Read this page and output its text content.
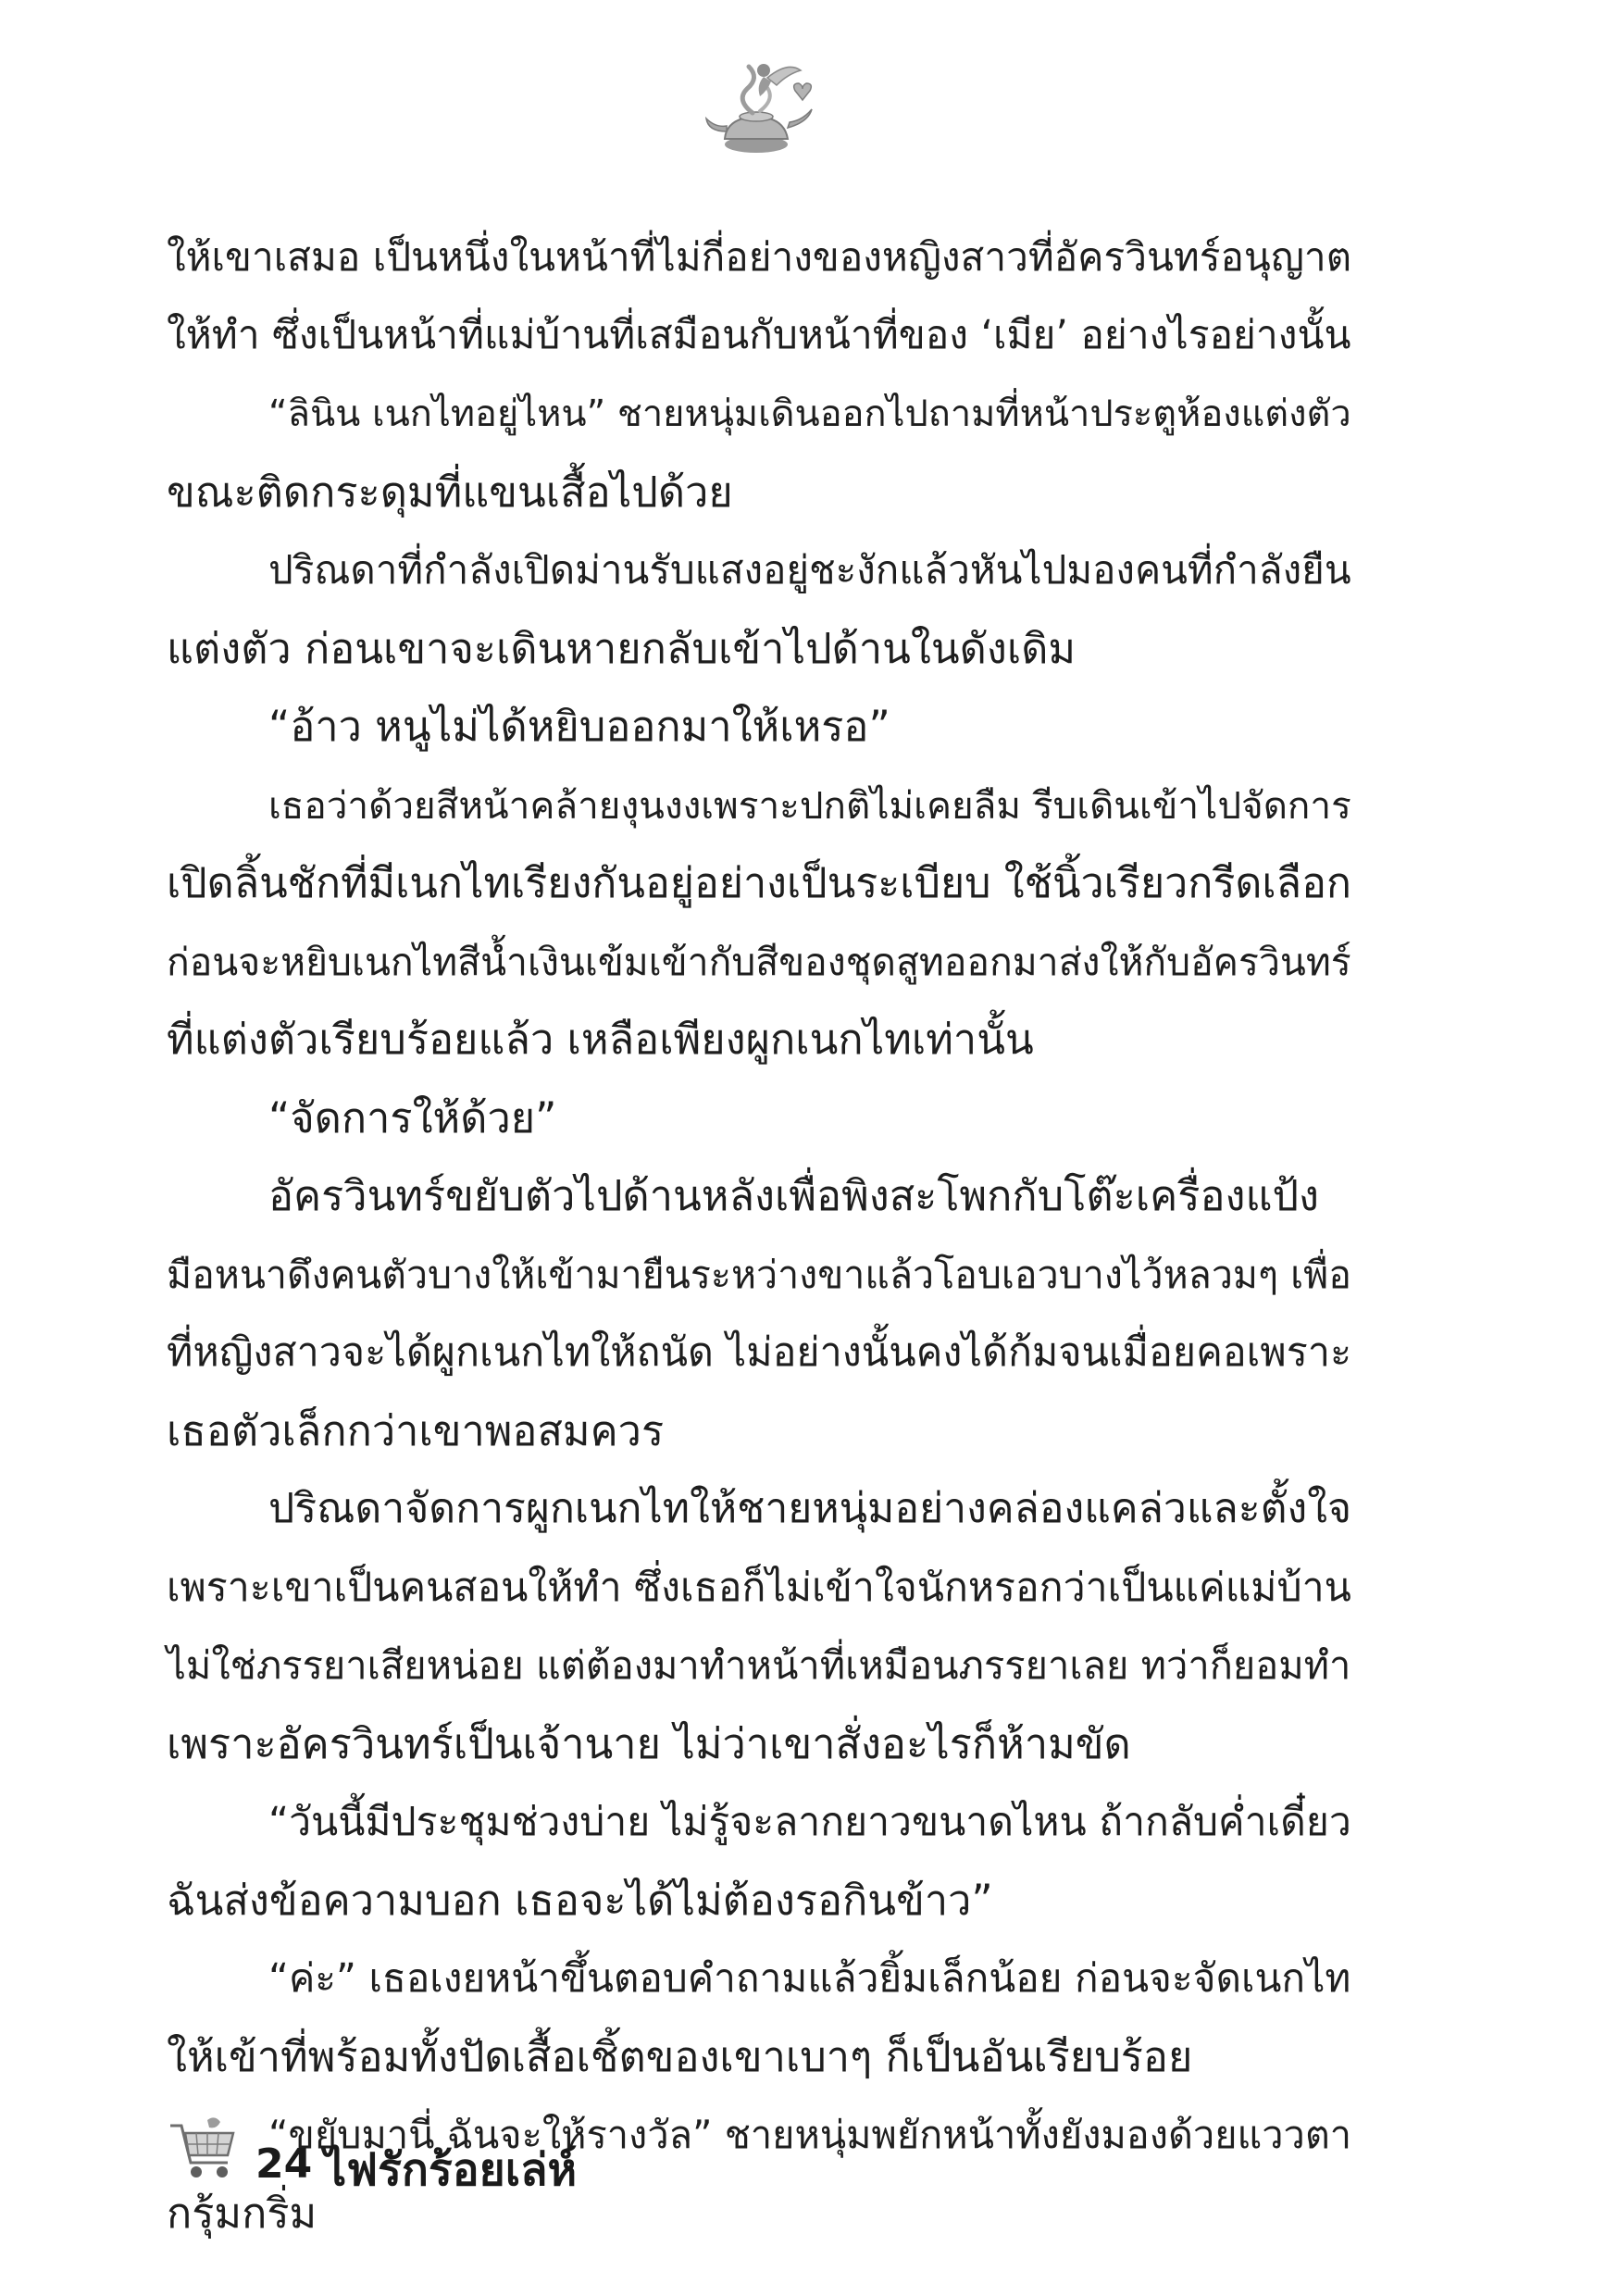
ให้เขาเสมอ เป็นหนึ่งในหน้าที่ไม่กี่อย่างของหญิงสาวที่อัครวินทร์อนุญาต
ให้ทำ ซึ่งเป็นหน้าที่แม่บ้านที่เสมือนกับหน้าที่ของ ‘เมีย’ อย่างไรอย่างนั้น
“ลินิน เนกไทอยู่ไหน” ชายหนุ่มเดินออกไปถามที่หน้าประตูห้องแต่งตัว
ขณะติดกระดุมที่แขนเสื้อไปด้วย
ปริณดาที่กำลังเปิดม่านรับแสงอยู่ชะงักแล้วหันไปมองคนที่กำลังยืน
แต่งตัว ก่อนเขาจะเดินหายกลับเข้าไปด้านในดังเดิม
“อ้าว หนูไม่ได้หยิบออกมาให้เหรอ”
เธอว่าด้วยสีหน้าคล้ายงุนงงเพราะปกติไม่เคยลืม รีบเดินเข้าไปจัดการ
เปิดลิ้นชักที่มีเนกไทเรียงกันอยู่อย่างเป็นระเบียบ ใช้นิ้วเรียวกรีดเลือก
ก่อนจะหยิบเนกไทสีน้ำเงินเข้มเข้ากับสีของชุดสูทออกมาส่งให้กับอัครวินทร์
ที่แต่งตัวเรียบร้อยแล้ว เหลือเพียงผูกเนกไทเท่านั้น
“จัดการให้ด้วย”
อัครวินทร์ขยับตัวไปด้านหลังเพื่อพิงสะโพกกับโต๊ะเครื่องแป้ง
มือหนาดึงคนตัวบางให้เข้ามายืนระหว่างขาแล้วโอบเอวบางไว้หลวมๆ เพื่อ
ที่หญิงสาวจะได้ผูกเนกไทให้ถนัด ไม่อย่างนั้นคงได้ก้มจนเมื่อยคอเพราะ
เธอตัวเล็กกว่าเขาพอสมควร
ปริณดาจัดการผูกเนกไทให้ชายหนุ่มอย่างคล่องแคล่วและตั้งใจ
เพราะเขาเป็นคนสอนให้ทำ ซึ่งเธอก็ไม่เข้าใจนักหรอกว่าเป็นแค่แม่บ้าน
ไม่ใช่ภรรยาเสียหน่อย แต่ต้องมาทำหน้าที่เหมือนภรรยาเลย ทว่าก็ยอมทำ
เพราะอัครวินทร์เป็นเจ้านาย ไม่ว่าเขาสั่งอะไรก็ห้ามขัด
“วันนี้มีประชุมช่วงบ่าย ไม่รู้จะลากยาวขนาดไหน ถ้ากลับค่ำเดี๋ยว
ฉันส่งข้อความบอก เธอจะได้ไม่ต้องรอกินข้าว”
“ค่ะ” เธอเงยหน้าขึ้นตอบคำถามแล้วยิ้มเล็กน้อย ก่อนจะจัดเนกไท
ให้เข้าที่พร้อมทั้งปัดเสื้อเชิ้ตของเขาเบาๆ ก็เป็นอันเรียบร้อย
“ขยับมานี่ ฉันจะให้รางวัล” ชายหนุ่มพยักหน้าทั้งยังมองด้วยแววตา
กรุ้มกริ่ม
24 ไฟรักร้อยเล่ห์
